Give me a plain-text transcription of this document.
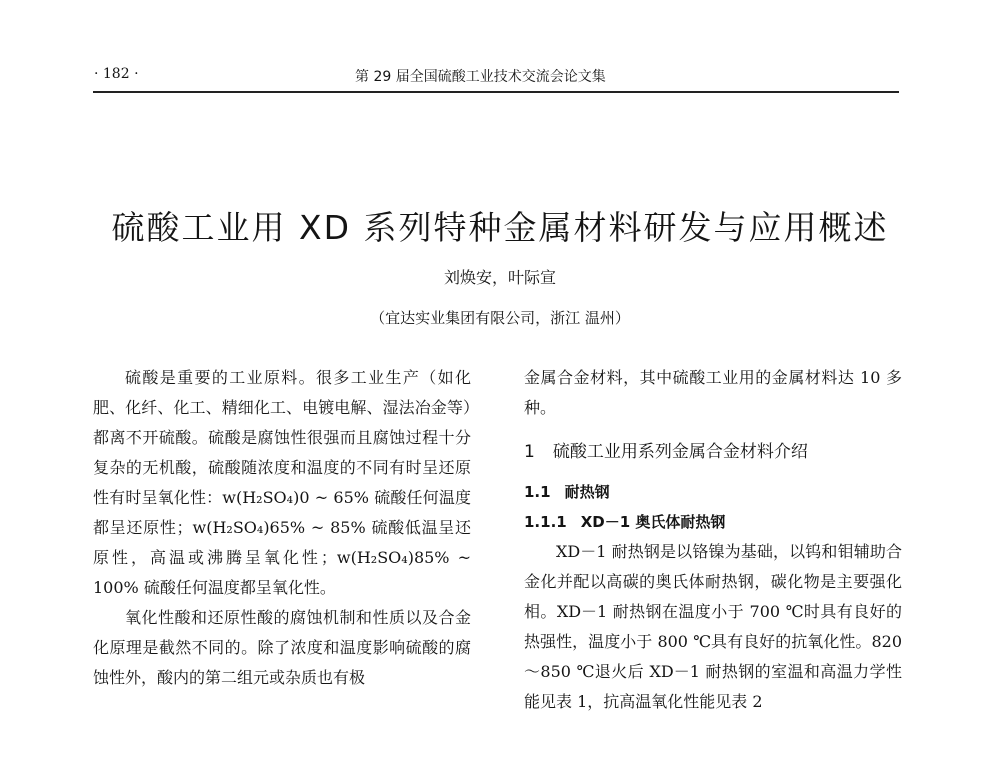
· 182 ·	第 29 届全国硫酸工业技术交流会论文集
硫酸工业用 XD 系列特种金属材料研发与应用概述
刘焕安，叶际宣
（宜达实业集团有限公司，浙江 温州）

硫酸是重要的工业原料。很多工业生产（如化肥、化纤、化工、精细化工、电镀电解、湿法冶金等）都离不开硫酸。硫酸是腐蚀性很强而且腐蚀过程十分复杂的无机酸，硫酸随浓度和温度的不同有时呈还原性有时呈氧化性：w(H₂SO₄)0 ~ 65% 硫酸任何温度都呈还原性；w(H₂SO₄)65% ~ 85% 硫酸低温呈还原性，高温或沸腾呈氧化性；w(H₂SO₄)85% ~ 100% 硫酸任何温度都呈氧化性。

氧化性酸和还原性酸的腐蚀机制和性质以及合金化原理是截然不同的。除了浓度和温度影响硫酸的腐蚀性外，酸内的第二组元或杂质也有极

金属合金材料，其中硫酸工业用的金属材料达 10 多种。

1 硫酸工业用系列金属合金材料介绍
1.1 耐热钢
1.1.1 XD－1 奥氏体耐热钢

XD－1 耐热钢是以铬镍为基础，以钨和钼辅助合金化并配以高碳的奥氏体耐热钢，碳化物是主要强化相。XD－1 耐热钢在温度小于 700 ℃时具有良好的热强性，温度小于 800 ℃具有良好的抗氧化性。820～850 ℃退火后 XD－1 耐热钢的室温和高温力学性能见表 1，抗高温氧化性能见表 2
